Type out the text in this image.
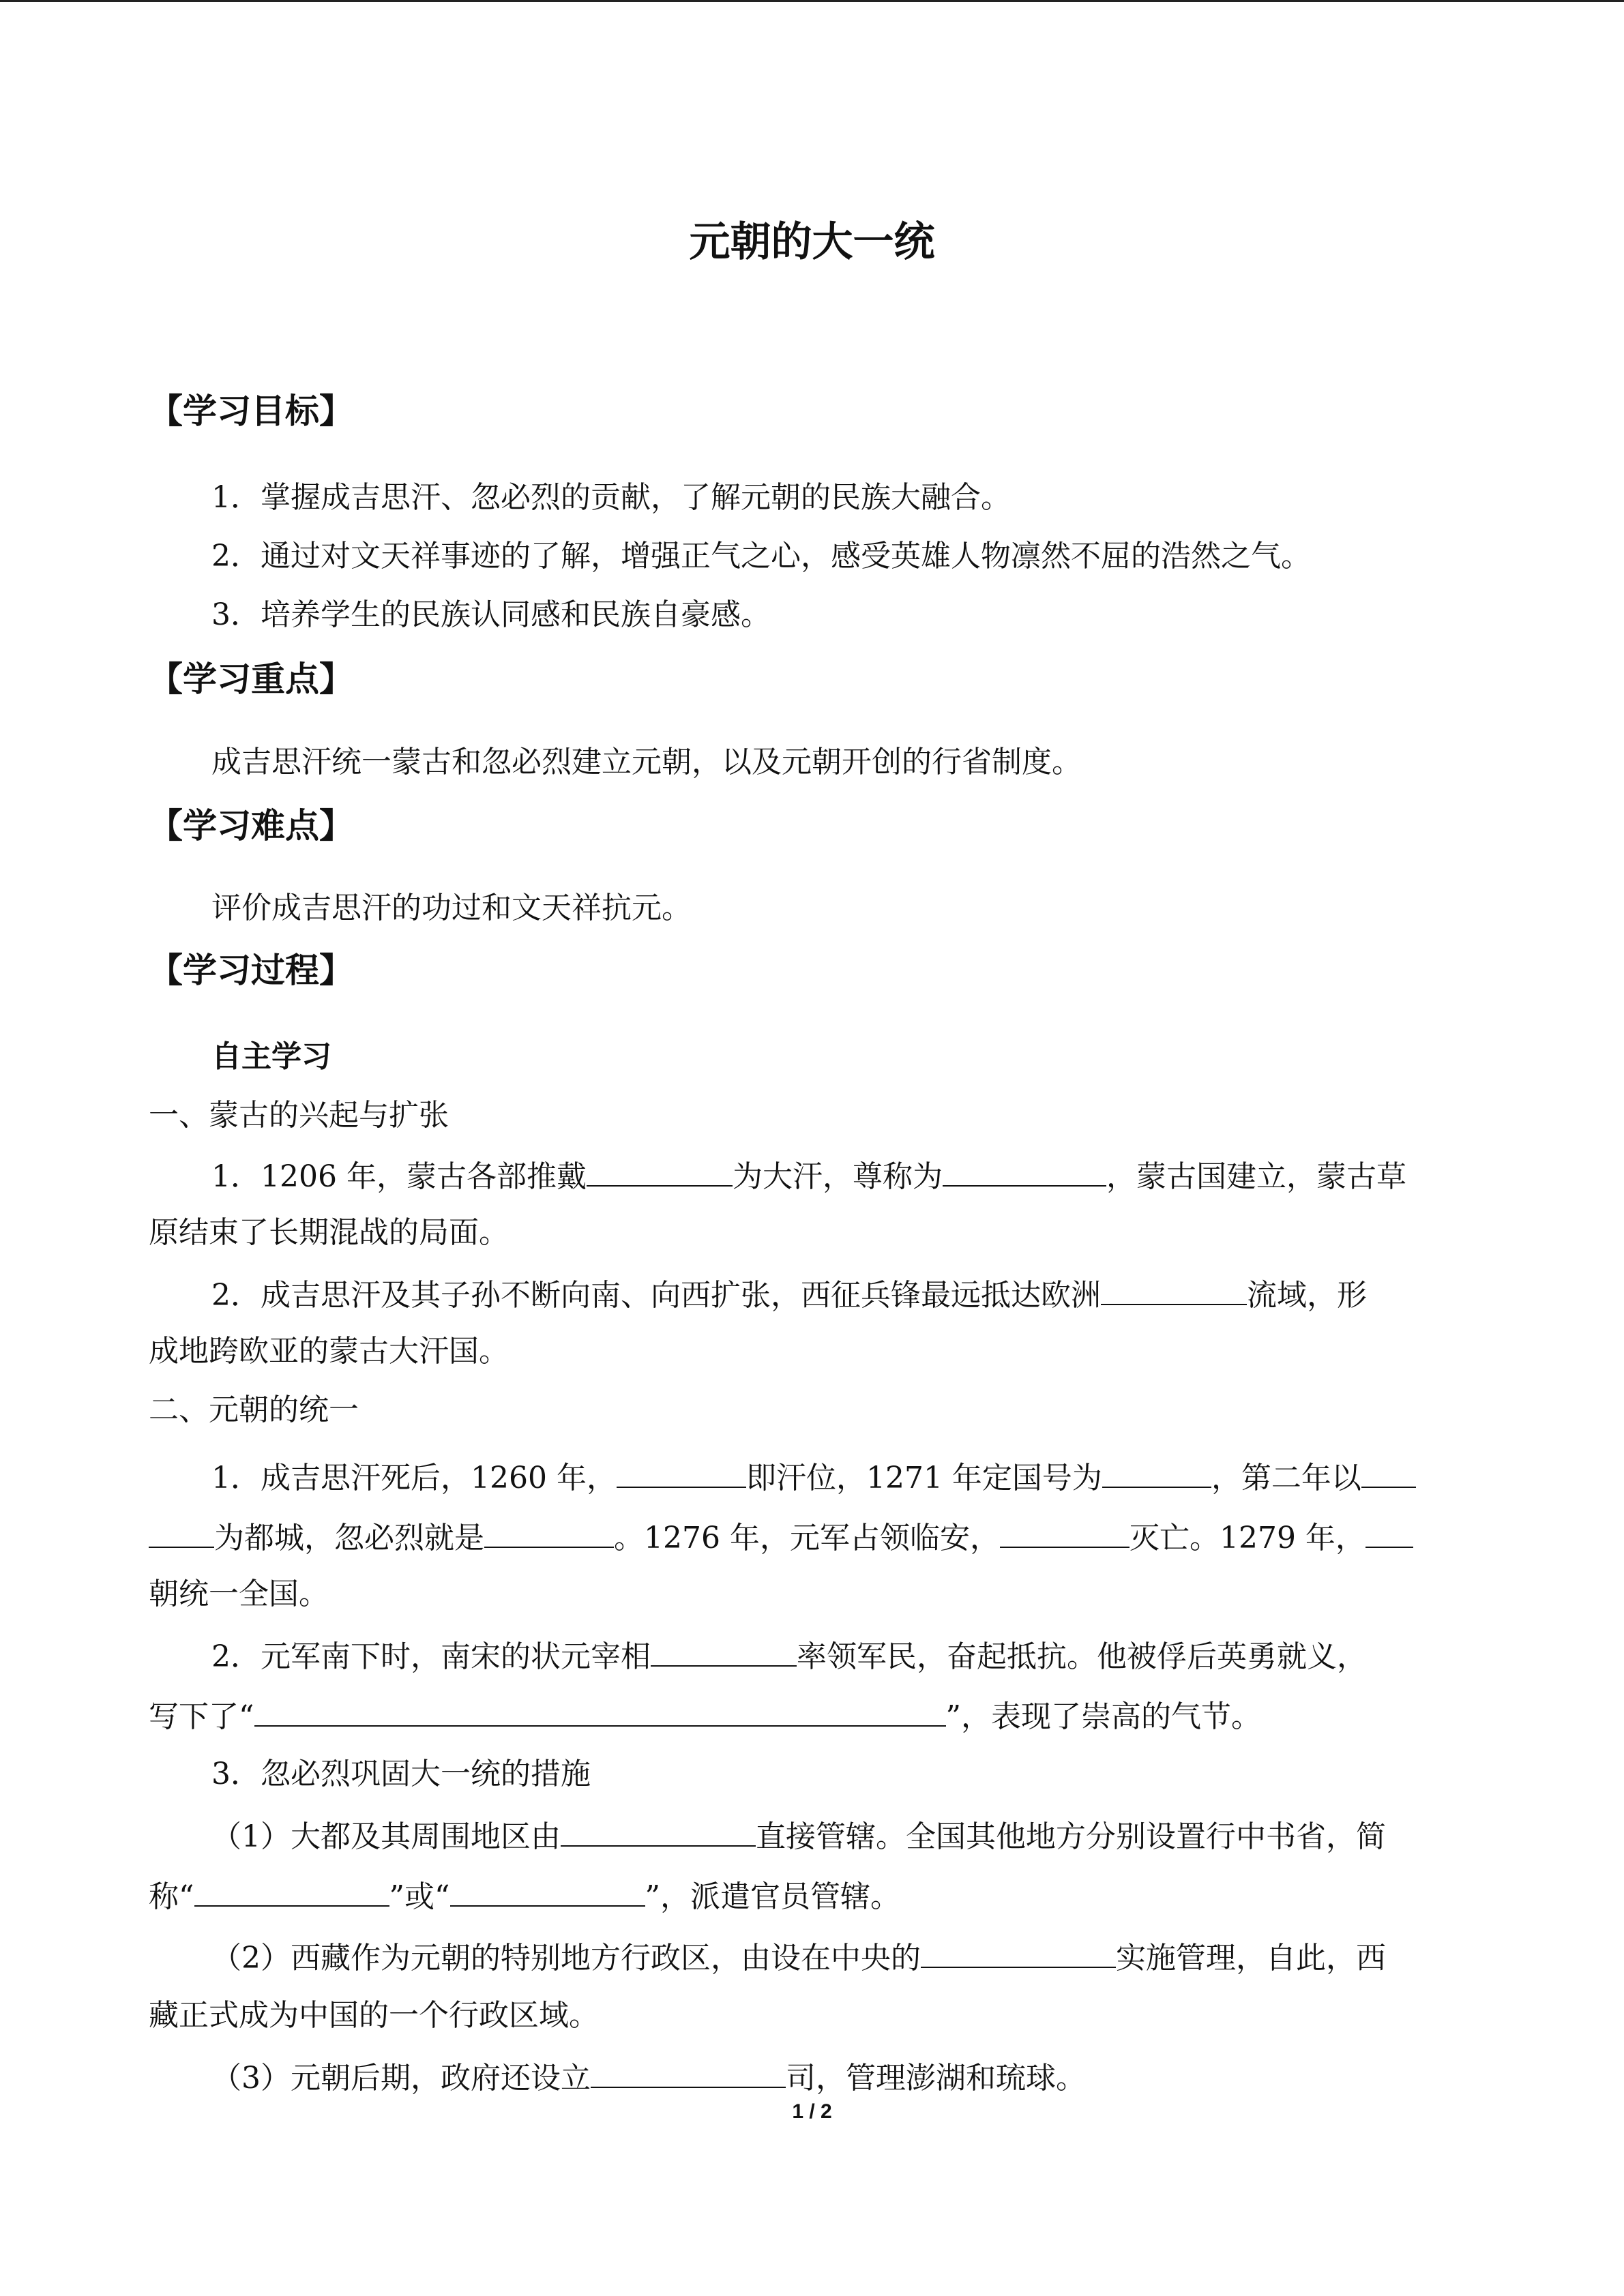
元朝的大一统
【学习目标】
1．掌握成吉思汗、忽必烈的贡献，了解元朝的民族大融合。
2．通过对文天祥事迹的了解，增强正气之心，感受英雄人物凛然不屈的浩然之气。
3．培养学生的民族认同感和民族自豪感。
【学习重点】
成吉思汗统一蒙古和忽必烈建立元朝，以及元朝开创的行省制度。
【学习难点】
评价成吉思汗的功过和文天祥抗元。
【学习过程】
自主学习
一、蒙古的兴起与扩张
1．1206 年，蒙古各部推戴	为大汗，尊称为	，蒙古国建立，蒙古草
原结束了长期混战的局面。
2．成吉思汗及其子孙不断向南、向西扩张，西征兵锋最远抵达欧洲	流域，形
成地跨欧亚的蒙古大汗国。
二、元朝的统一
1．成吉思汗死后，1260 年，	即汗位，1271 年定国号为	，第二年以
为都城，忽必烈就是	。1276 年，元军占领临安，	灭亡。1279 年，
朝统一全国。
2．元军南下时，南宋的状元宰相	率领军民，奋起抵抗。他被俘后英勇就义，
写下了“	”，表现了崇高的气节。
3．忽必烈巩固大一统的措施
（1）大都及其周围地区由	直接管辖。全国其他地方分别设置行中书省，简
称“	”或“	”，派遣官员管辖。
（2）西藏作为元朝的特别地方行政区，由设在中央的	实施管理，自此，西
藏正式成为中国的一个行政区域。
（3）元朝后期，政府还设立	司，管理澎湖和琉球。
1 / 2
